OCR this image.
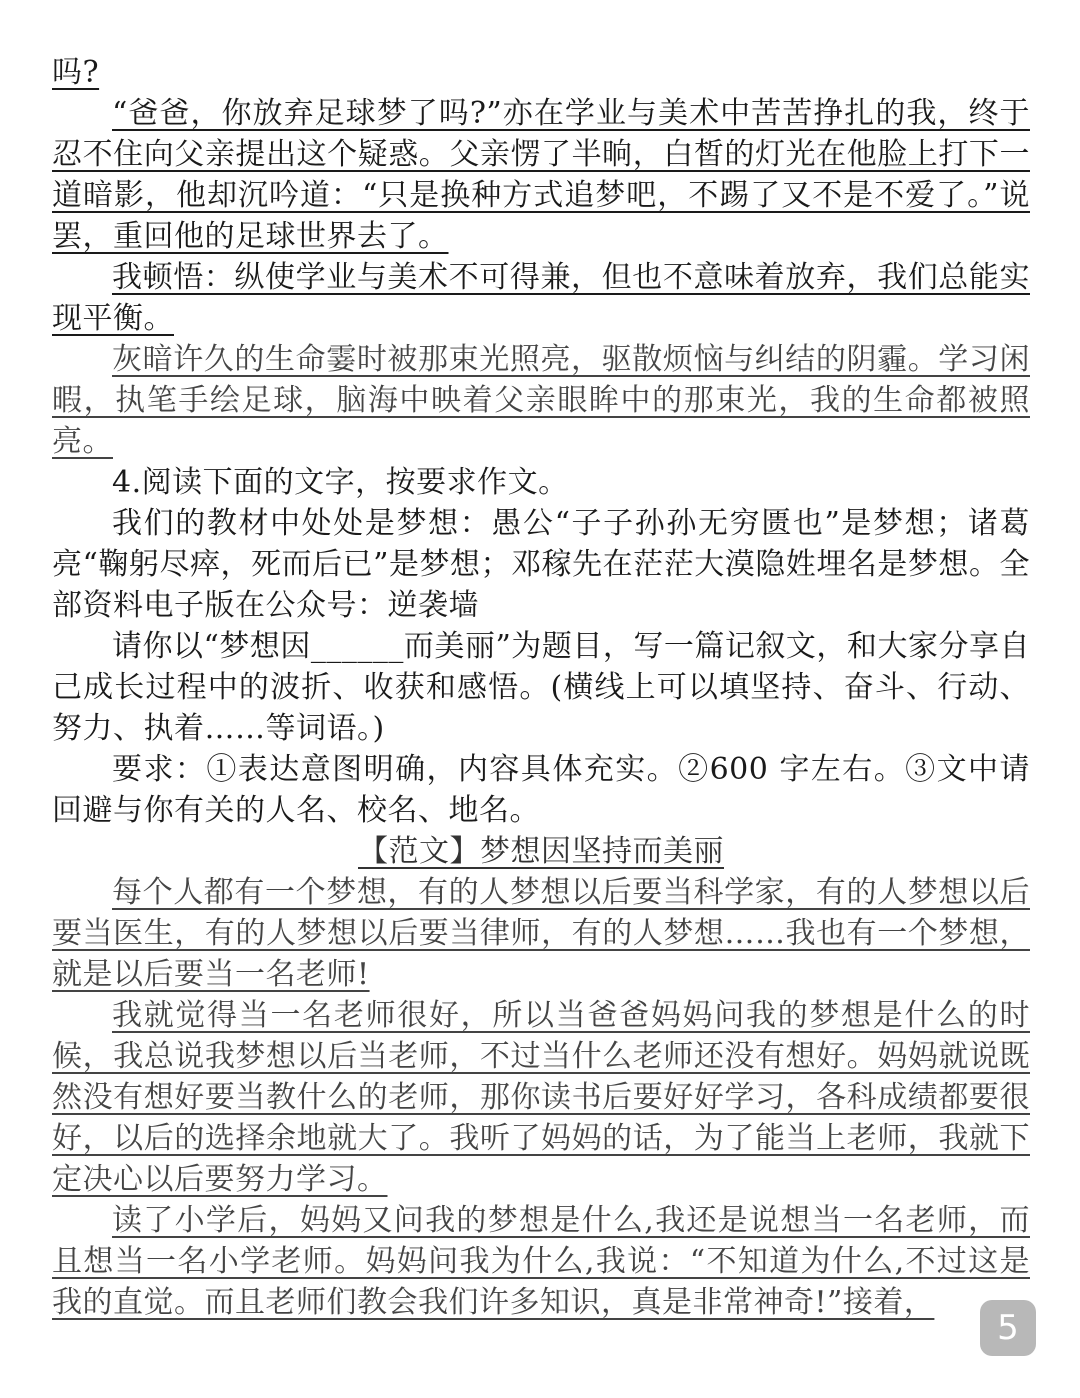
吗?

“爸爸，你放弃足球梦了吗?”亦在学业与美术中苦苦挣扎的我，终于忍不住向父亲提出这个疑惑。父亲愣了半晌，白皙的灯光在他脸上打下一道暗影，他却沉吟道：“只是换种方式追梦吧，不踢了又不是不爱了。”说罢，重回他的足球世界去了。

我顿悟：纵使学业与美术不可得兼，但也不意味着放弃，我们总能实现平衡。

灰暗许久的生命霎时被那束光照亮，驱散烦恼与纠结的阴霾。学习闲暇，执笔手绘足球，脑海中映着父亲眼眸中的那束光，我的生命都被照亮。

4.阅读下面的文字，按要求作文。

我们的教材中处处是梦想：愚公“子子孙孙无穷匮也”是梦想；诸葛亮“鞠躬尽瘁，死而后已”是梦想；邓稼先在茫茫大漠隐姓埋名是梦想。全部资料电子版在公众号：逆袭墙

请你以“梦想因______而美丽”为题目，写一篇记叙文，和大家分享自己成长过程中的波折、收获和感悟。(横线上可以填坚持、奋斗、行动、努力、执着……等词语。)

要求：①表达意图明确，内容具体充实。②600 字左右。③文中请回避与你有关的人名、校名、地名。

【范文】梦想因坚持而美丽

每个人都有一个梦想，有的人梦想以后要当科学家，有的人梦想以后要当医生，有的人梦想以后要当律师，有的人梦想……我也有一个梦想，就是以后要当一名老师!

我就觉得当一名老师很好，所以当爸爸妈妈问我的梦想是什么的时候，我总说我梦想以后当老师，不过当什么老师还没有想好。妈妈就说既然没有想好要当教什么的老师，那你读书后要好好学习，各科成绩都要很好，以后的选择余地就大了。我听了妈妈的话，为了能当上老师，我就下定决心以后要努力学习。

读了小学后，妈妈又问我的梦想是什么,我还是说想当一名老师，而且想当一名小学老师。妈妈问我为什么,我说：“不知道为什么,不过这是我的直觉。而且老师们教会我们许多知识，真是非常神奇!”接着，

5
